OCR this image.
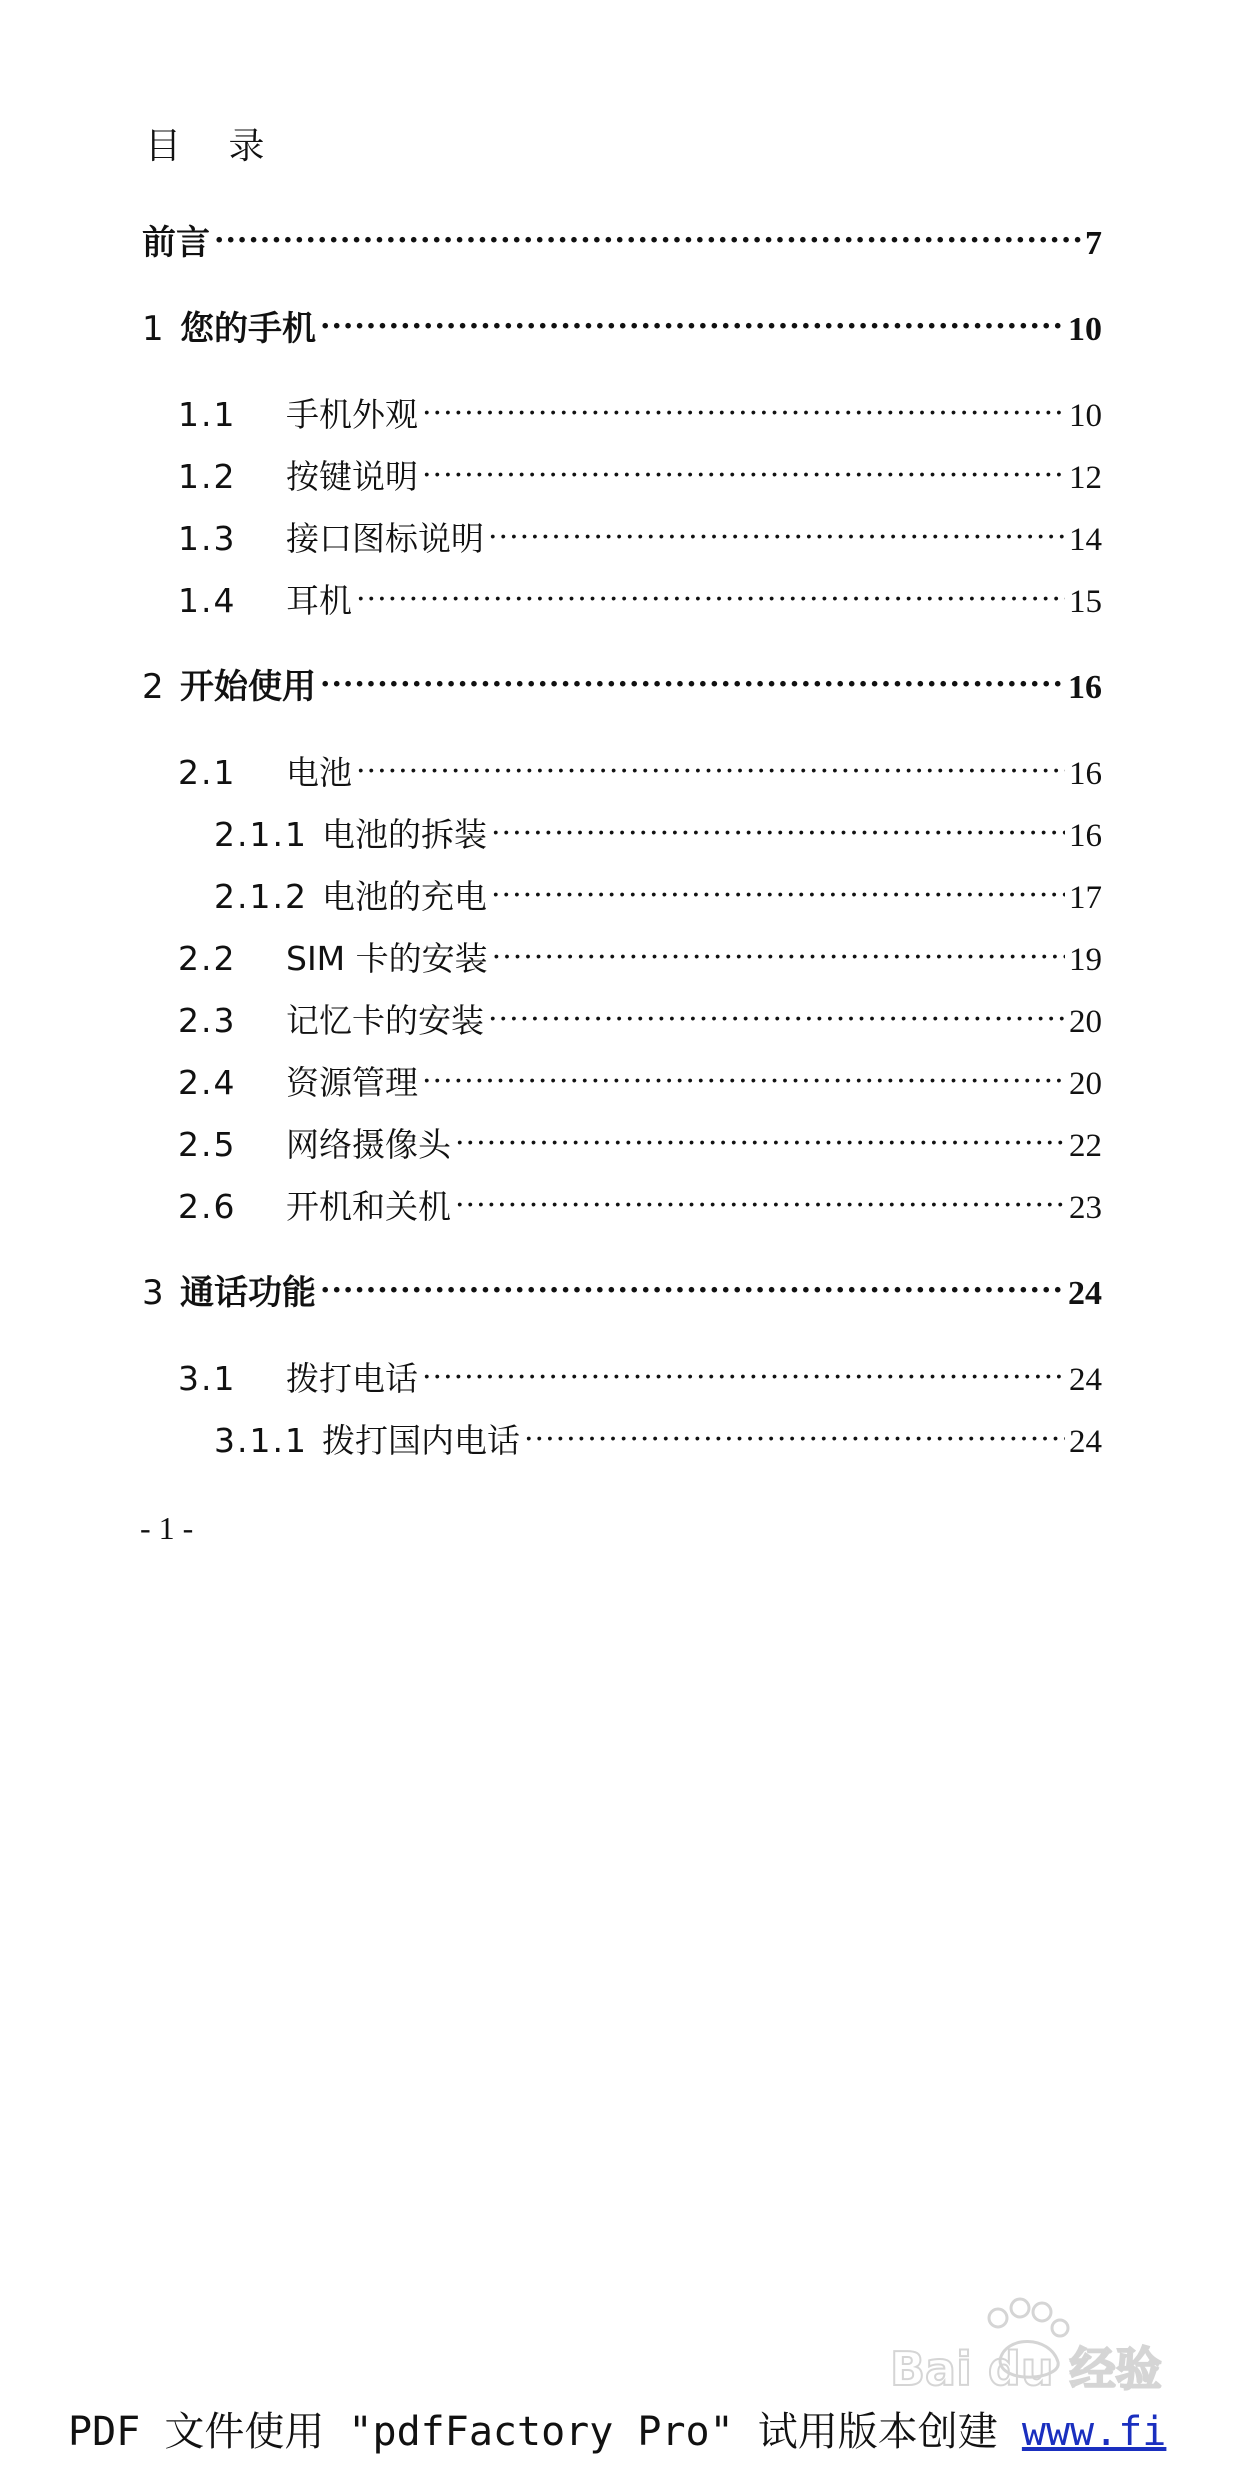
目 录
前言 .....	7
1 您的手机 .....	10
1.1	手机外观 .....	10
1.2	按键说明 .....	12
1.3	接口图标说明 .....	14
1.4	耳机 .....	15
2 开始使用 .....	16
2.1	电池 .....	16
2.1.1 电池的拆装 .....	16
2.1.2 电池的充电 .....	17
2.2	SIM 卡的安装 .....	19
2.3	记忆卡的安装 .....	20
2.4	资源管理 .....	20
2.5	网络摄像头 .....	22
2.6	开机和关机 .....	23
3 通话功能 .....	24
3.1	拨打电话 .....	24
3.1.1 拨打国内电话 .....	24
- 1 -
Bai du 经验
PDF 文件使用 "pdfFactory Pro" 试用版本创建 www.fi
